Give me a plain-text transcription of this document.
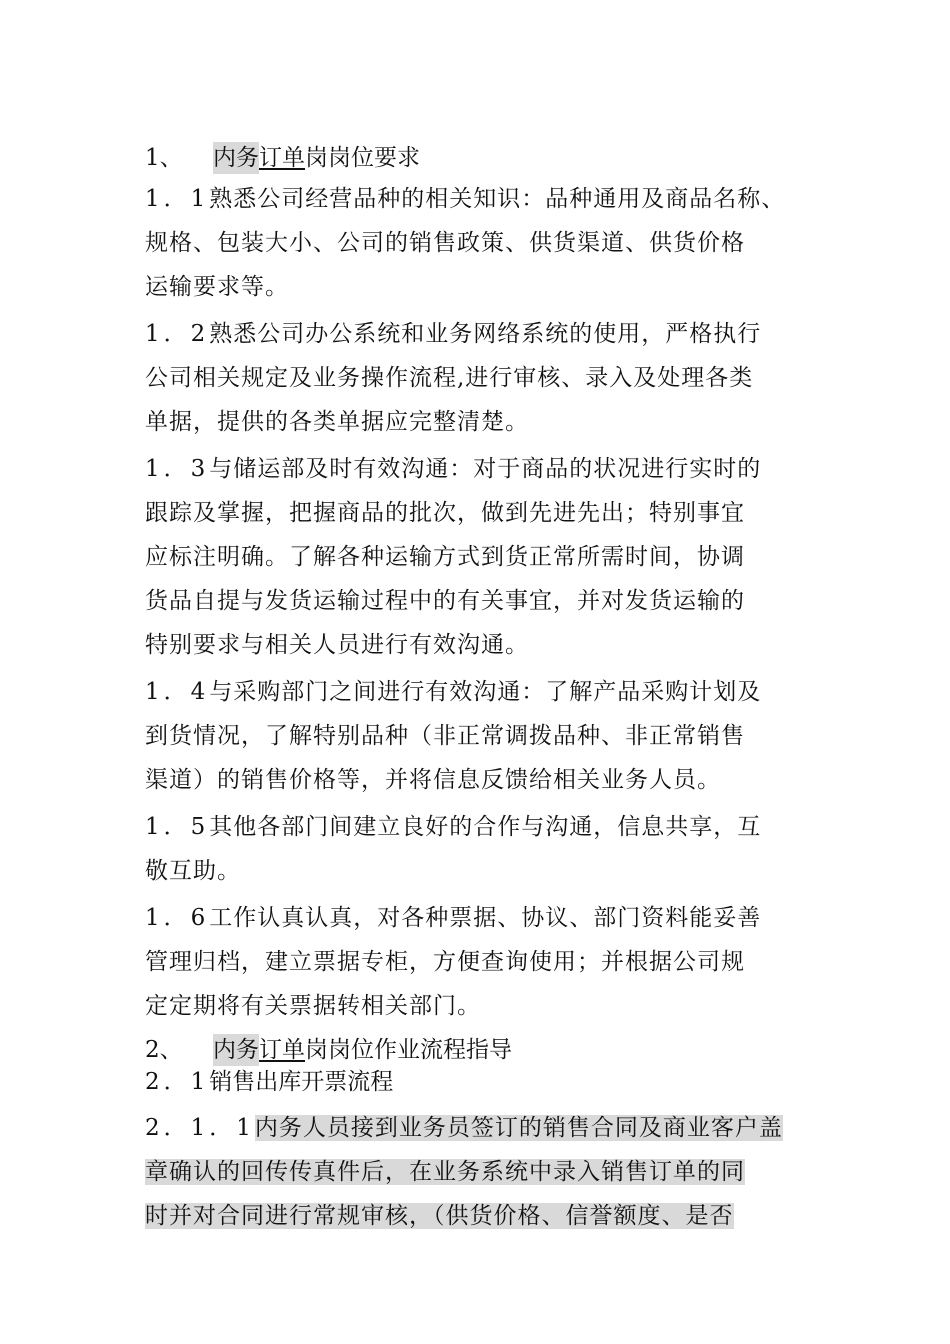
1、	内务 订单 岗岗位要求
1．1熟悉公司经营品种的相关知识：品种通用及商品名称、
规格、包装大小、公司的销售政策、供货渠道、供货价格
运输要求等。
1．2熟悉公司办公系统和业务网络系统的使用，严格执行
公司相关规定及业务操作流程,进行审核、录入及处理各类
单据，提供的各类单据应完整清楚。
1．3与储运部及时有效沟通：对于商品的状况进行实时的
跟踪及掌握，把握商品的批次，做到先进先出；特别事宜
应标注明确。了解各种运输方式到货正常所需时间，协调
货品自提与发货运输过程中的有关事宜，并对发货运输的
特别要求与相关人员进行有效沟通。
1．4与采购部门之间进行有效沟通：了解产品采购计划及
到货情况，了解特别品种（非正常调拨品种、非正常销售
渠道）的销售价格等，并将信息反馈给相关业务人员。
1．5其他各部门间建立良好的合作与沟通，信息共享，互
敬互助。
1．6工作认真认真，对各种票据、协议、部门资料能妥善
管理归档，建立票据专柜，方便查询使用；并根据公司规
定定期将有关票据转相关部门。
2、	内务 订单 岗岗位作业流程指导
2．1销售出库开票流程
2．1．1内务人员接到业务员签订的销售合同及商业客户盖
章确认的回传传真件后，在业务系统中录入销售订单的同
时并对合同进行常规审核，（供货价格、信誉额度、是否
